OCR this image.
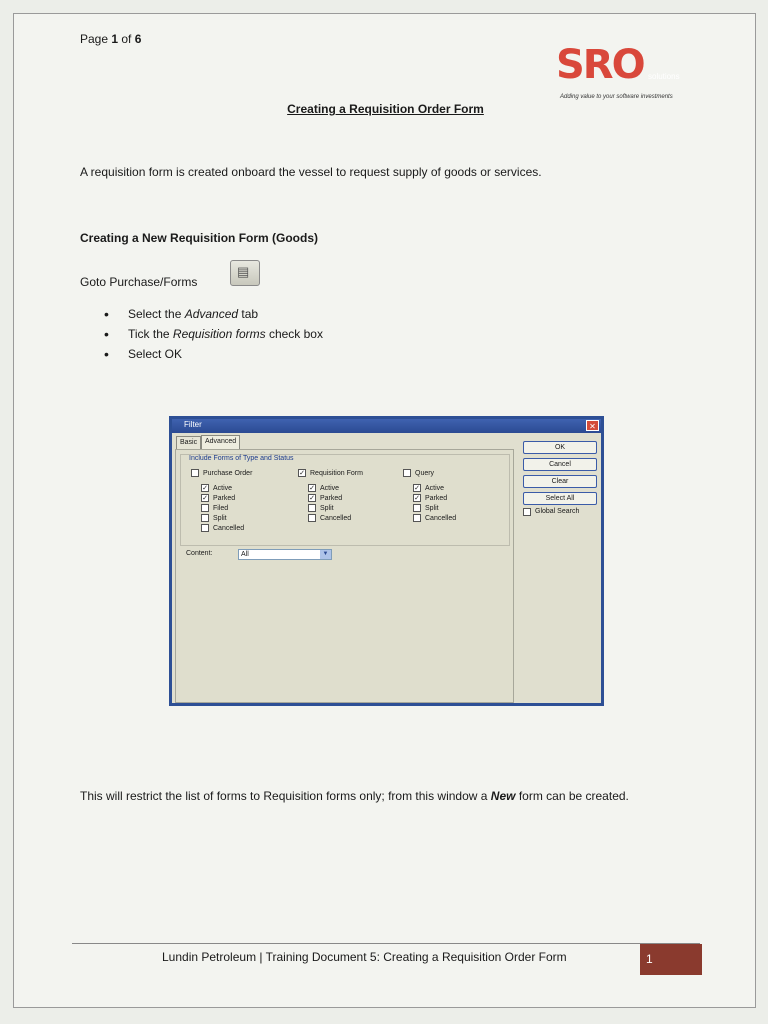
Page 1 of 6
SRO solutions
Adding value to your software investments
Creating a Requisition Order Form
A requisition form is created onboard the vessel to request supply of goods or services.
Creating a New Requisition Form (Goods)
Goto Purchase/Forms
▤
• Select the Advanced tab
• Tick the Requisition forms check box
• Select OK
Filter	✕
Basic	Advanced
Include Forms of Type and Status
Purchase Order
✓ Active
✓ Parked
Filed
Split
Cancelled
✓ Requisition Form
✓ Active
✓ Parked
Split
Cancelled
Query
✓ Active
✓ Parked
Split
Cancelled
Content:	All	▼
OK
Cancel
Clear
Select All
Global Search
This will restrict the list of forms to Requisition forms only; from this window a New form can be created.
Lundin Petroleum | Training Document 5: Creating a Requisition Order Form	1
